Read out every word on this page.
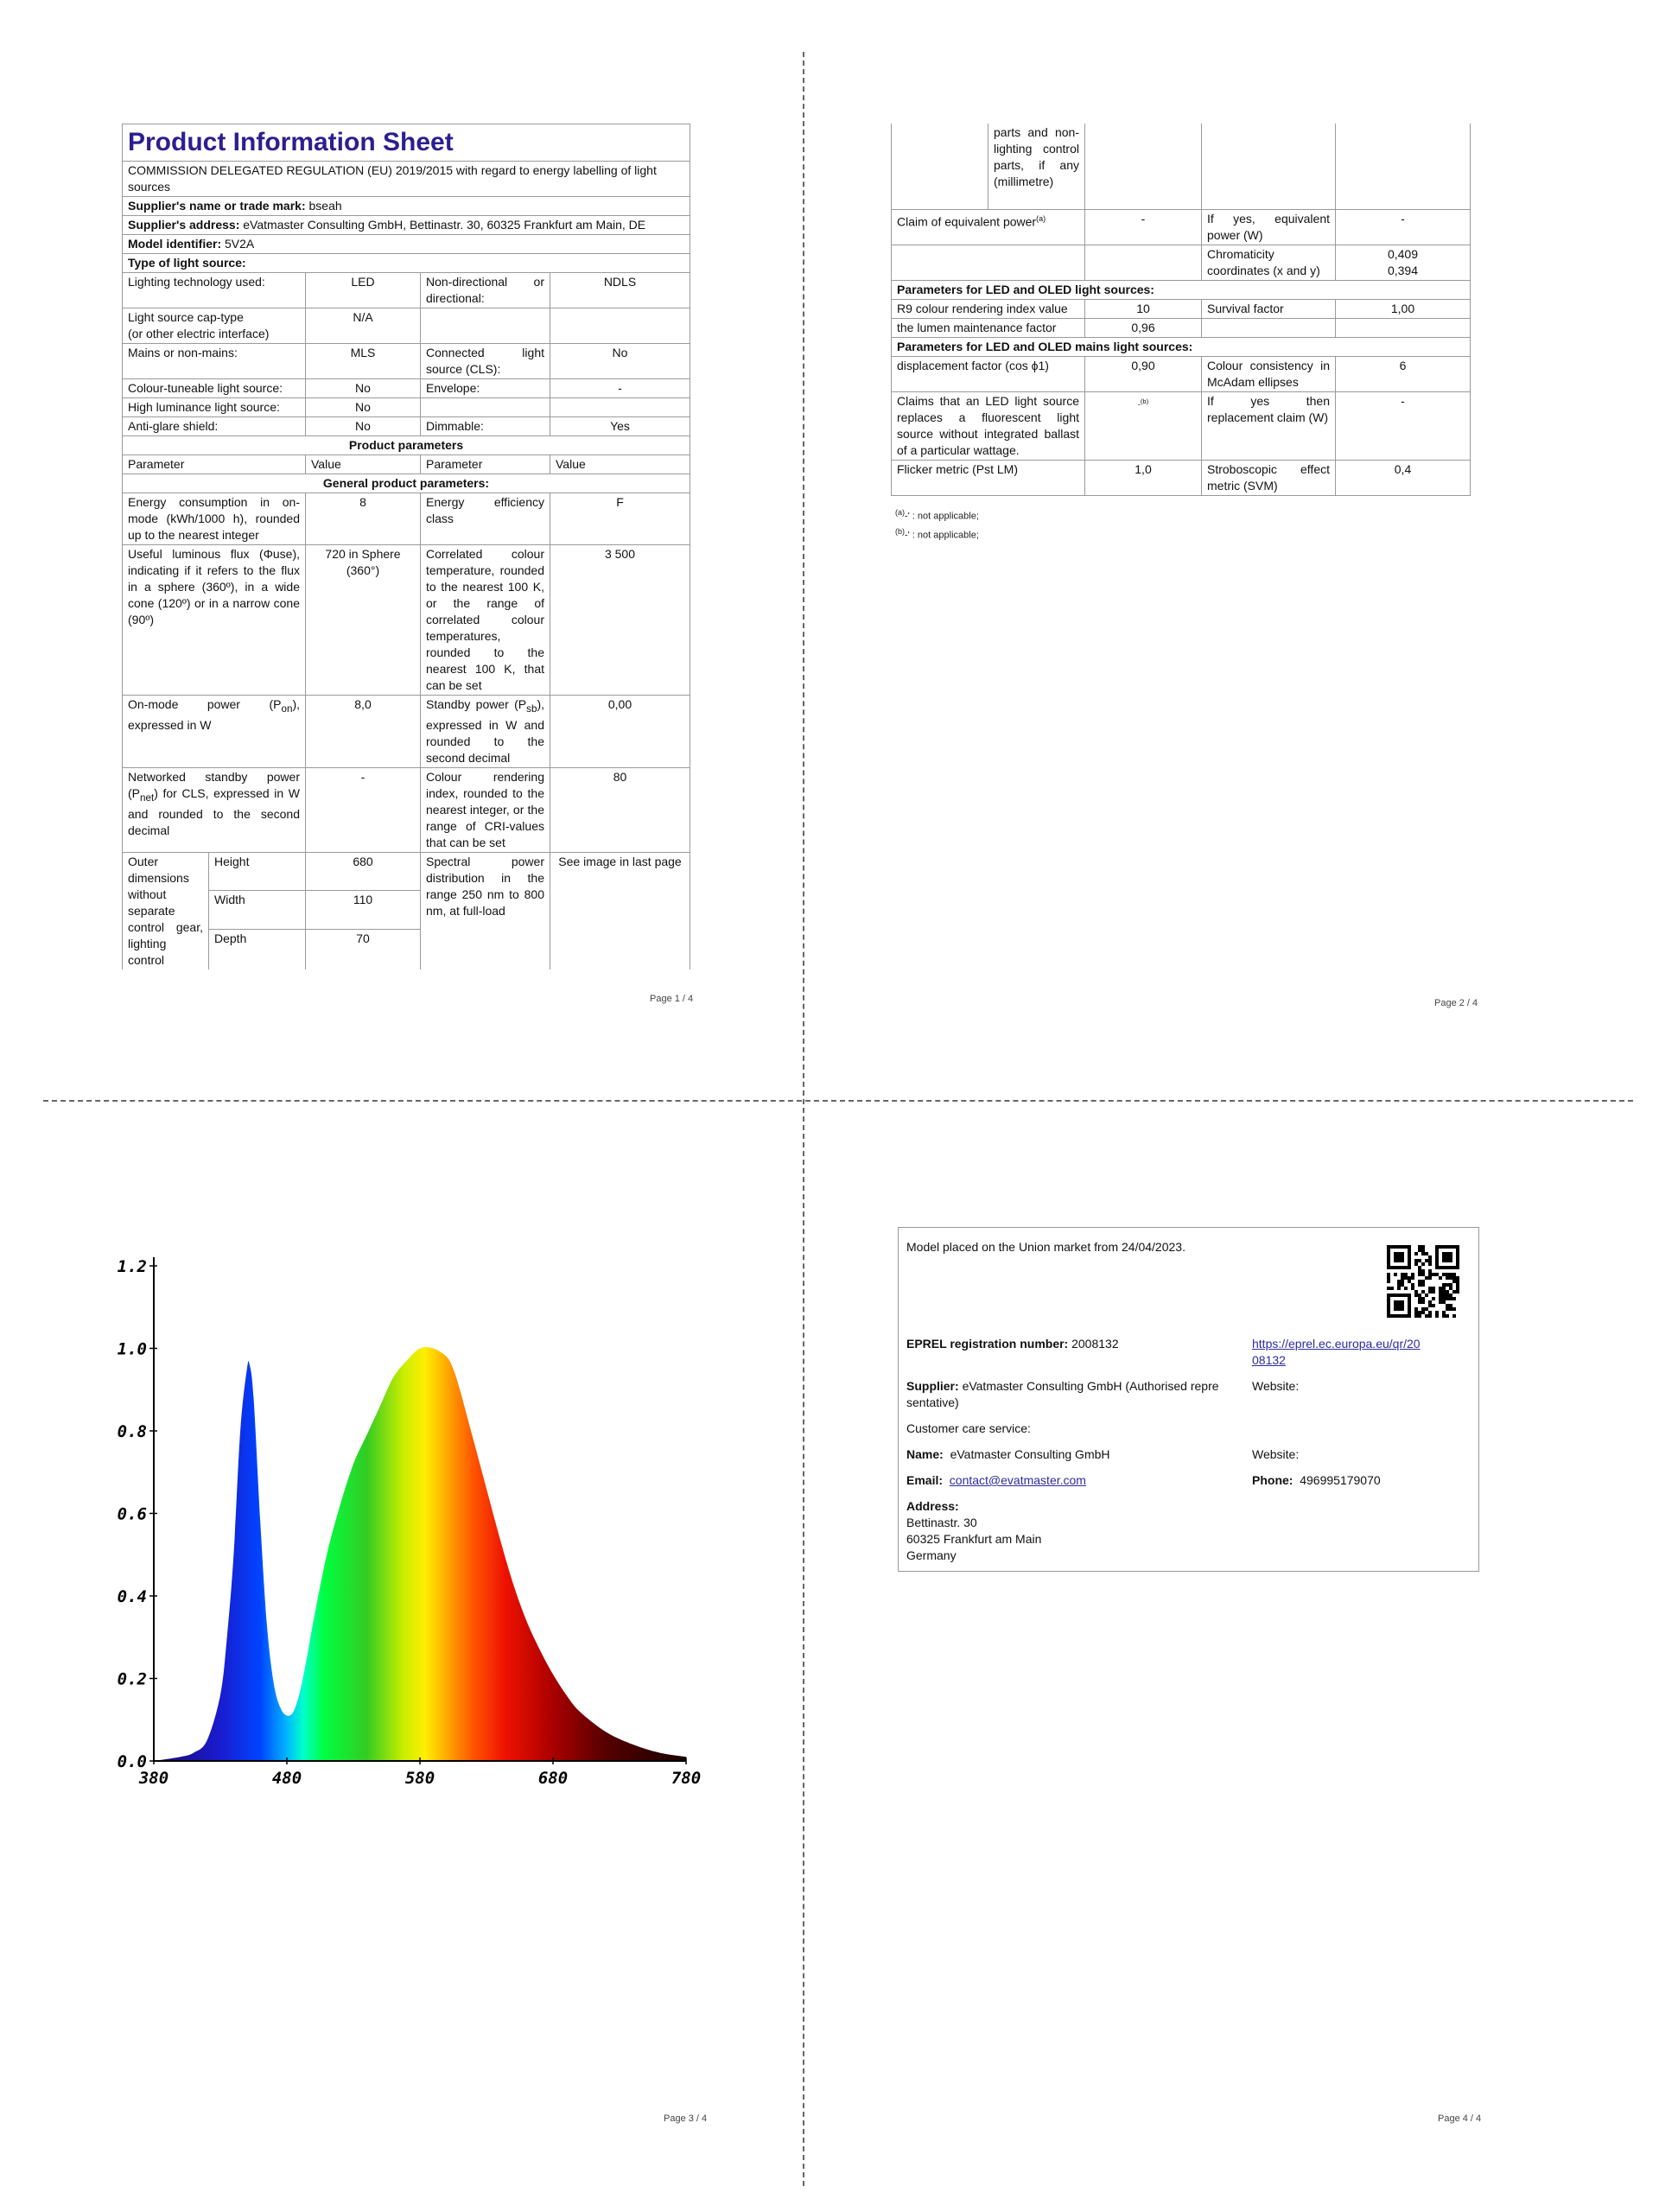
Product Information Sheet				
COMMISSION DELEGATED REGULATION (EU) 2019/2015 with regard to energy labelling of light sources				
Supplier's name or trade mark: bseah				
Supplier's address: eVatmaster Consulting GmbH, Bettinastr. 30, 60325 Frankfurt am Main, DE				
Model identifier: 5V2A				
Type of light source:				
Lighting technology used:		LED	Non-directional or directional:	NDLS
Light source cap-type
(or other electric interface)		N/A		
Mains or non-mains:		MLS	Connected light source (CLS):	No
Colour-tuneable light source:		No	Envelope:	-
High luminance light source:		No		
Anti-glare shield:		No	Dimmable:	Yes
Product parameters				
Parameter		Value	Parameter	Value
General product parameters:				
Energy consumption in on-mode (kWh/1000 h), rounded up to the nearest integer		8	Energy efficiency class	F
Useful luminous flux (Φuse), indicating if it refers to the flux in a sphere (360º), in a wide cone (120º) or in a narrow cone (90º)		720 in Sphere (360°)	Correlated colour temperature, rounded to the nearest 100 K, or the range of correlated colour temperatures, rounded to the nearest 100 K, that can be set	3 500
On-mode power $(P_{on})$, expressed in W		8,0	Standby power $(P_{sb})$, expressed in W and rounded to the second decimal	0,00
Networked standby power $(P_{net})$ for CLS, expressed in W and rounded to the second decimal		-	Colour rendering index, rounded to the nearest integer, or the range of CRI-values that can be set	80
Outer dimensions without separate control gear, lighting control	Height	680	Spectral power distribution in the range 250 nm to 800 nm, at full-load	See image in last page
	Width	110		
	Depth	70		
Page 1 / 4
	parts and non-lighting control parts, if any (millimetre)			
Claim of equivalent power$^{(a)}$		-	If yes, equivalent power (W)	-
			Chromaticity coordinates (x and y)	0,409
0,394
Parameters for LED and OLED light sources:				
R9 colour rendering index value		10	Survival factor	1,00
the lumen maintenance factor		0,96		
Parameters for LED and OLED mains light sources:				
displacement factor (cos ϕ1)		0,90	Colour consistency in McAdam ellipses	6
Claims that an LED light source replaces a fluorescent light source without integrated ballast of a particular wattage.		-$^{(b)}$	If yes then replacement claim (W)	-
Flicker metric (Pst LM)		1,0	Stroboscopic effect metric (SVM)	0,4
$^{(a)}$-' : not applicable;
$^{(b)}$-' : not applicable;
Page 2 / 4
0.0
0.2
0.4
0.6
0.8
1.0
1.2
380	480	580	680	780
Page 3 / 4
Model placed on the Union market from 24/04/2023.
EPREL registration number: 2008132	https://eprel.ec.europa.eu/qr/20
08132
Supplier: eVatmaster Consulting GmbH (Authorised repre
sentative)
Website:
Customer care service:
Name: eVatmaster Consulting GmbH	Website:
Email: contact@evatmaster.com	Phone: 496995179070
Address:
Bettinastr. 30
60325 Frankfurt am Main
Germany
Page 4 / 4
